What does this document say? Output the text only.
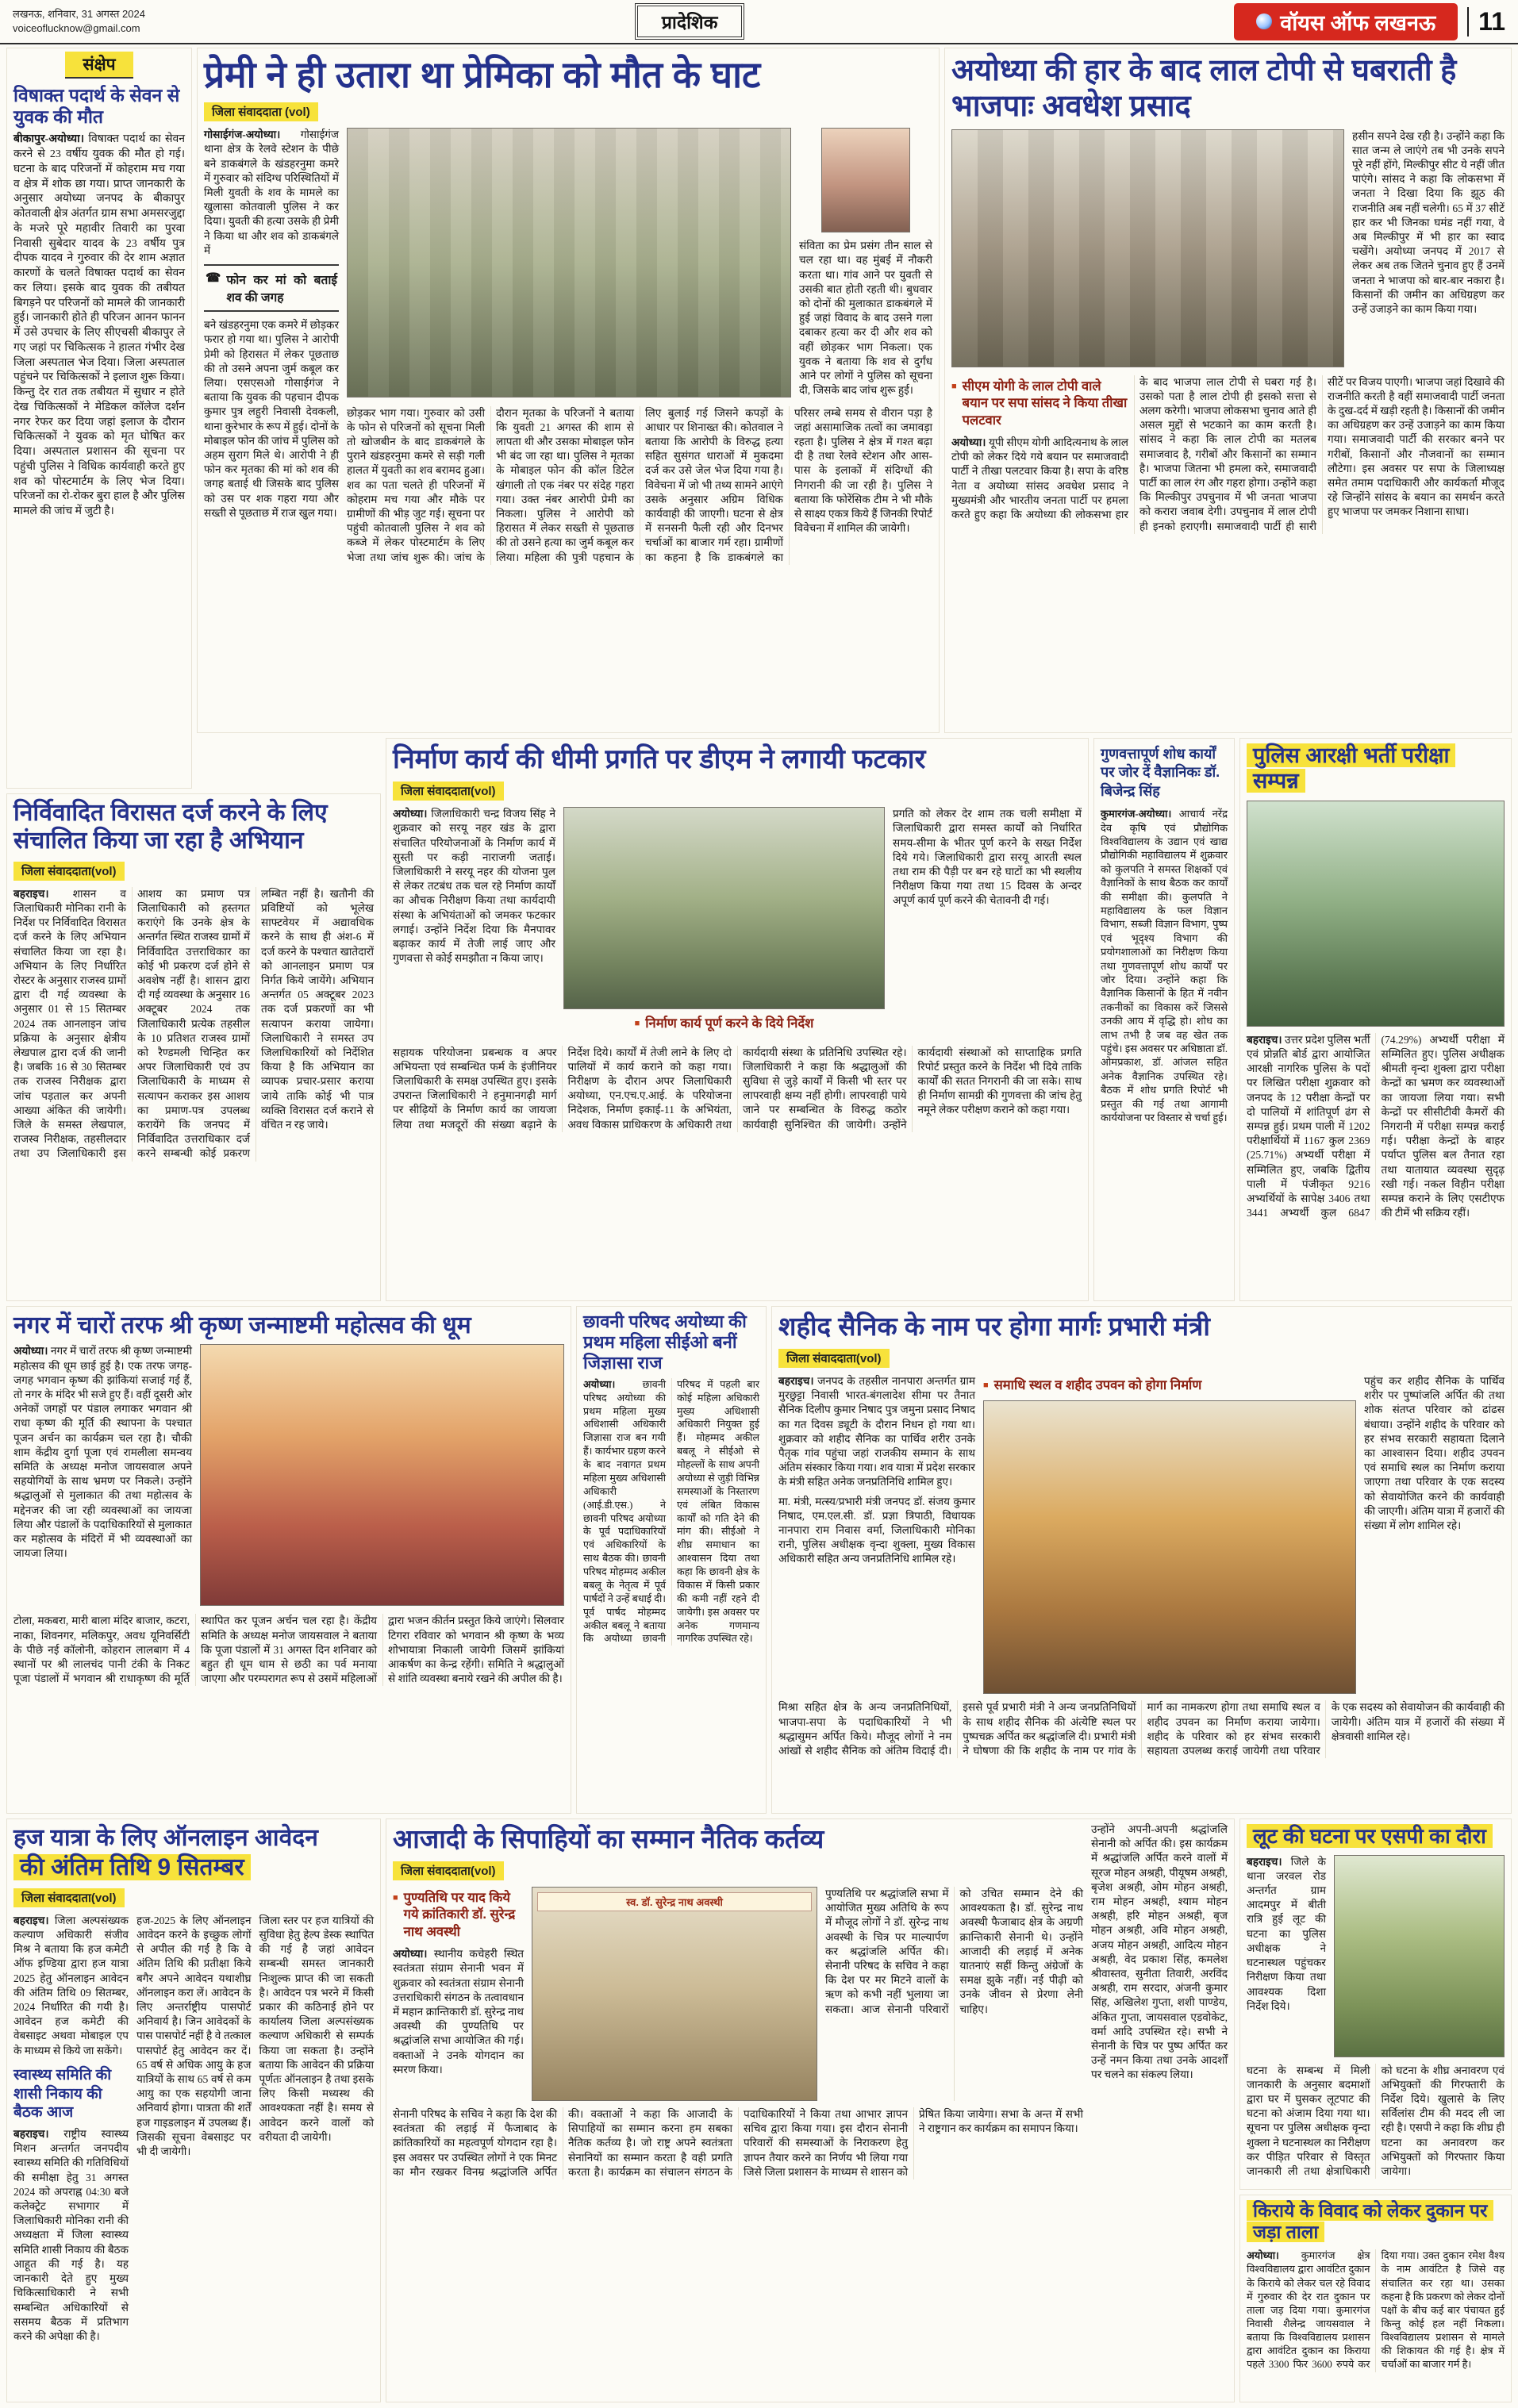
लखनऊ, शनिवार, 31 अगस्त 2024
voiceoflucknow@gmail.com	प्रादेशिक	वॉयस ऑफ लखनऊ	11
संक्षेप
विषाक्त पदार्थ के सेवन से युवक की मौत

बीकापुर-अयोध्या। विषाक्त पदार्थ का सेवन करने से 23 वर्षीय युवक की मौत हो गई। घटना के बाद परिजनों में कोहराम मच गया व क्षेत्र में शोक छा गया। प्राप्त जानकारी के अनुसार अयोध्या जनपद के बीकापुर कोतवाली क्षेत्र अंतर्गत ग्राम सभा अमसरजुद्दा के मजरे पूरे महावीर तिवारी का पुरवा निवासी सुबेदार यादव के 23 वर्षीय पुत्र दीपक यादव ने गुरुवार की देर शाम अज्ञात कारणों के चलते विषाक्त पदार्थ का सेवन कर लिया। इसके बाद युवक की तबीयत बिगड़ने पर परिजनों को मामले की जानकारी हुई। जानकारी होते ही परिजन आनन फानन में उसे उपचार के लिए सीएचसी बीकापुर ले गए जहां पर चिकित्सक ने हालत गंभीर देख जिला अस्पताल भेज दिया। जिला अस्पताल पहुंचने पर चिकित्सकों ने इलाज शुरू किया। किन्तु देर रात तक तबीयत में सुधार न होते देख चिकित्सकों ने मेडिकल कॉलेज दर्शन नगर रेफर कर दिया जहां इलाज के दौरान चिकित्सकों ने युवक को मृत घोषित कर दिया। अस्पताल प्रशासन की सूचना पर पहुंची पुलिस ने विधिक कार्यवाही करते हुए शव को पोस्टमार्टम के लिए भेज दिया। परिजनों का रो-रोकर बुरा हाल है और पुलिस मामले की जांच में जुटी है।

प्रेमी ने ही उतारा था प्रेमिका को मौत के घाट
जिला संवाददाता (vol)
गोसाईगंज-अयोध्या। गोसाईगंज थाना क्षेत्र के रेलवे स्टेशन के पीछे बने डाकबंगले के खंडहरनुमा कमरे में गुरुवार को संदिग्ध परिस्थितियों में मिली युवती के शव के मामले का खुलासा कोतवाली पुलिस ने कर दिया। युवती की हत्या उसके ही प्रेमी ने किया था और शव को डाकबंगले में
☎ फोन कर मां को बताई शव की जगह
बने खंडहरनुमा एक कमरे में छोड़कर फरार हो गया था। पुलिस ने आरोपी प्रेमी को हिरासत में लेकर पूछताछ की तो उसने अपना जुर्म कबूल कर लिया। एसएसओ गोसाईगंज ने बताया कि युवक की पहचान दीपक कुमार पुत्र लहुरी निवासी देवकली, थाना कुरेभार के रूप में हुई। दोनों के मोबाइल फोन की जांच में पुलिस को अहम सुराग मिले थे। आरोपी ने ही फोन कर मृतका की मां को शव की जगह बताई थी जिसके बाद पुलिस को उस पर शक गहरा गया और सख्ती से पूछताछ में राज खुल गया।
संविता का प्रेम प्रसंग तीन साल से चल रहा था। वह मुंबई में नौकरी करता था। गांव आने पर युवती से उसकी बात होती रहती थी। बुधवार को दोनों की मुलाकात डाकबंगले में हुई जहां विवाद के बाद उसने गला दबाकर हत्या कर दी और शव को वहीं छोड़कर भाग निकला। एक युवक ने बताया कि शव से दुर्गंध आने पर लोगों ने पुलिस को सूचना दी, जिसके बाद जांच शुरू हुई।
छोड़कर भाग गया। गुरुवार को उसी के फोन से परिजनों को सूचना मिली तो खोजबीन के बाद डाकबंगले के पुराने खंडहरनुमा कमरे से सड़ी गली हालत में युवती का शव बरामद हुआ। शव का पता चलते ही परिजनों में कोहराम मच गया और मौके पर ग्रामीणों की भीड़ जुट गई। सूचना पर पहुंची कोतवाली पुलिस ने शव को कब्जे में लेकर पोस्टमार्टम के लिए भेजा तथा जांच शुरू की। जांच के दौरान मृतका के परिजनों ने बताया कि युवती 21 अगस्त की शाम से लापता थी और उसका मोबाइल फोन भी बंद जा रहा था। पुलिस ने मृतका के मोबाइल फोन की कॉल डिटेल खंगाली तो एक नंबर पर संदेह गहरा गया। उक्त नंबर आरोपी प्रेमी का निकला। पुलिस ने आरोपी को हिरासत में लेकर सख्ती से पूछताछ की तो उसने हत्या का जुर्म कबूल कर लिया। महिला की पुत्री पहचान के लिए बुलाई गई जिसने कपड़ों के आधार पर शिनाख्त की। कोतवाल ने बताया कि आरोपी के विरुद्ध हत्या सहित सुसंगत धाराओं में मुकदमा दर्ज कर उसे जेल भेज दिया गया है। विवेचना में जो भी तथ्य सामने आएंगे उसके अनुसार अग्रिम विधिक कार्यवाही की जाएगी। घटना से क्षेत्र में सनसनी फैली रही और दिनभर चर्चाओं का बाजार गर्म रहा। ग्रामीणों का कहना है कि डाकबंगले का परिसर लम्बे समय से वीरान पड़ा है जहां असामाजिक तत्वों का जमावड़ा रहता है। पुलिस ने क्षेत्र में गश्त बढ़ा दी है तथा रेलवे स्टेशन और आस-पास के इलाकों में संदिग्धों की निगरानी की जा रही है। पुलिस ने बताया कि फोरेंसिक टीम ने भी मौके से साक्ष्य एकत्र किये हैं जिनकी रिपोर्ट विवेचना में शामिल की जायेगी।
अयोध्या की हार के बाद लाल टोपी से घबराती है भाजपाः अवधेश प्रसाद
हसीन सपने देख रही है। उन्होंने कहा कि सात जन्म ले जाएंगे तब भी उनके सपने पूरे नहीं होंगे, मिल्कीपुर सीट ये नहीं जीत पाएंगे। सांसद ने कहा कि लोकसभा में जनता ने दिखा दिया कि झूठ की राजनीति अब नहीं चलेगी। 65 में 37 सीटें हार कर भी जिनका घमंड नहीं गया, वे अब मिल्कीपुर में भी हार का स्वाद चखेंगे। अयोध्या जनपद में 2017 से लेकर अब तक जितने चुनाव हुए हैं उनमें जनता ने भाजपा को बार-बार नकारा है। किसानों की जमीन का अधिग्रहण कर उन्हें उजाड़ने का काम किया गया।
■ सीएम योगी के लाल टोपी वाले बयान पर सपा सांसद ने किया तीखा पलटवार

अयोध्या। यूपी सीएम योगी आदित्यनाथ के लाल टोपी को लेकर दिये गये बयान पर समाजवादी पार्टी ने तीखा पलटवार किया है। सपा के वरिष्ठ नेता व अयोध्या सांसद अवधेश प्रसाद ने मुख्यमंत्री और भारतीय जनता पार्टी पर हमला करते हुए कहा कि अयोध्या की लोकसभा हार के बाद भाजपा लाल टोपी से घबरा गई है। उसको पता है लाल टोपी ही इसको सत्ता से अलग करेगी। भाजपा लोकसभा चुनाव आते ही असल मुद्दों से भटकाने का काम करती है। सांसद ने कहा कि लाल टोपी का मतलब समाजवाद है, गरीबों और किसानों का सम्मान है। भाजपा जितना भी हमला करे, समाजवादी पार्टी का लाल रंग और गहरा होगा। उन्होंने कहा कि मिल्कीपुर उपचुनाव में भी जनता भाजपा को करारा जवाब देगी। उपचुनाव में लाल टोपी ही इनको हराएगी। समाजवादी पार्टी ही सारी सीटें पर विजय पाएगी। भाजपा जहां दिखावे की राजनीति करती है वहीं समाजवादी पार्टी जनता के दुख-दर्द में खड़ी रहती है। किसानों की जमीन का अधिग्रहण कर उन्हें उजाड़ने का काम किया गया। समाजवादी पार्टी की सरकार बनने पर गरीबों, किसानों और नौजवानों का सम्मान लौटेगा। इस अवसर पर सपा के जिलाध्यक्ष समेत तमाम पदाधिकारी और कार्यकर्ता मौजूद रहे जिन्होंने सांसद के बयान का समर्थन करते हुए भाजपा पर जमकर निशाना साधा।

निर्विवादित विरासत दर्ज करने के लिए संचालित किया जा रहा है अभियान
जिला संवाददाता(vol)

बहराइच। शासन व जिलाधिकारी मोनिका रानी के निर्देश पर निर्विवादित विरासत दर्ज करने के लिए अभियान संचालित किया जा रहा है। अभियान के लिए निर्धारित रोस्टर के अनुसार राजस्व ग्रामों द्वारा दी गई व्यवस्था के अनुसार 01 से 15 सितम्बर 2024 तक आनलाइन जांच प्रक्रिया के अनुसार क्षेत्रीय लेखपाल द्वारा दर्ज की जानी है। जबकि 16 से 30 सितम्बर तक राजस्व निरीक्षक द्वारा जांच पड़ताल कर अपनी आख्या अंकित की जायेगी। जिले के समस्त लेखपाल, राजस्व निरीक्षक, तहसीलदार तथा उप जिलाधिकारी इस आशय का प्रमाण पत्र जिलाधिकारी को हस्तगत कराएंगे कि उनके क्षेत्र के अन्तर्गत स्थित राजस्व ग्रामों में निर्विवादित उत्तराधिकार का कोई भी प्रकरण दर्ज होने से अवशेष नहीं है। शासन द्वारा दी गई व्यवस्था के अनुसार 16 अक्टूबर 2024 तक जिलाधिकारी प्रत्येक तहसील के 10 प्रतिशत राजस्व ग्रामों को रैण्डमली चिन्हित कर अपर जिलाधिकारी एवं उप जिलाधिकारी के माध्यम से सत्यापन कराकर इस आशय का प्रमाण-पत्र उपलब्ध करायेंगे कि जनपद में निर्विवादित उत्तराधिकार दर्ज करने सम्बन्धी कोई प्रकरण लम्बित नहीं है। खतौनी की प्रविष्टियों को भूलेख साफ्टवेयर में अद्यावधिक करने के साथ ही अंश-6 में दर्ज करने के पश्चात खातेदारों को आनलाइन प्रमाण पत्र निर्गत किये जायेंगे। अभियान अन्तर्गत 05 अक्टूबर 2023 तक दर्ज प्रकरणों का भी सत्यापन कराया जायेगा। जिलाधिकारी ने समस्त उप जिलाधिकारियों को निर्देशित किया है कि अभियान का व्यापक प्रचार-प्रसार कराया जाये ताकि कोई भी पात्र व्यक्ति विरासत दर्ज कराने से वंचित न रह जाये।

निर्माण कार्य की धीमी प्रगति पर डीएम ने लगायी फटकार
जिला संवाददाता(vol)
अयोध्या। जिलाधिकारी चन्द्र विजय सिंह ने शुक्रवार को सरयू नहर खंड के द्वारा संचालित परियोजनाओं के निर्माण कार्य में सुस्ती पर कड़ी नाराजगी जताई। जिलाधिकारी ने सरयू नहर की योजना पुल से लेकर तटबंध तक चल रहे निर्माण कार्यों का औचक निरीक्षण किया तथा कार्यदायी संस्था के अभियंताओं को जमकर फटकार लगाई। उन्होंने निर्देश दिया कि मैनपावर बढ़ाकर कार्य में तेजी लाई जाए और गुणवत्ता से कोई समझौता न किया जाए।
■ निर्माण कार्य पूर्ण करने के दिये निर्देश
प्रगति को लेकर देर शाम तक चली समीक्षा में जिलाधिकारी द्वारा समस्त कार्यों को निर्धारित समय-सीमा के भीतर पूर्ण करने के सख्त निर्देश दिये गये। जिलाधिकारी द्वारा सरयू आरती स्थल तथा राम की पैड़ी पर बन रहे घाटों का भी स्थलीय निरीक्षण किया गया तथा 15 दिवस के अन्दर अपूर्ण कार्य पूर्ण करने की चेतावनी दी गई।
सहायक परियोजना प्रबन्धक व अपर अभियन्ता एवं सम्बन्धित फर्म के इंजीनियर जिलाधिकारी के समक्ष उपस्थित हुए। इसके उपरान्त जिलाधिकारी ने हनुमानगढ़ी मार्ग पर सीढ़ियों के निर्माण कार्य का जायजा लिया तथा मजदूरों की संख्या बढ़ाने के निर्देश दिये। कार्यों में तेजी लाने के लिए दो पालियों में कार्य कराने को कहा गया। निरीक्षण के दौरान अपर जिलाधिकारी अयोध्या, एन.एच.ए.आई. के परियोजना निदेशक, निर्माण इकाई-11 के अभियंता, अवध विकास प्राधिकरण के अधिकारी तथा कार्यदायी संस्था के प्रतिनिधि उपस्थित रहे। जिलाधिकारी ने कहा कि श्रद्धालुओं की सुविधा से जुड़े कार्यों में किसी भी स्तर पर लापरवाही क्षम्य नहीं होगी। लापरवाही पाये जाने पर सम्बन्धित के विरुद्ध कठोर कार्यवाही सुनिश्चित की जायेगी। उन्होंने कार्यदायी संस्थाओं को साप्ताहिक प्रगति रिपोर्ट प्रस्तुत करने के निर्देश भी दिये ताकि कार्यों की सतत निगरानी की जा सके। साथ ही निर्माण सामग्री की गुणवत्ता की जांच हेतु नमूने लेकर परीक्षण कराने को कहा गया।
गुणवत्तापूर्ण शोध कार्यों पर जोर दें वैज्ञानिकः डॉ. बिजेन्द्र सिंह

कुमारगंज-अयोध्या। आचार्य नरेंद्र देव कृषि एवं प्रौद्योगिक विश्वविद्यालय के उद्यान एवं खाद्य प्रौद्योगिकी महाविद्यालय में शुक्रवार को कुलपति ने समस्त शिक्षकों एवं वैज्ञानिकों के साथ बैठक कर कार्यों की समीक्षा की। कुलपति ने महाविद्यालय के फल विज्ञान विभाग, सब्जी विज्ञान विभाग, पुष्प एवं भूदृश्य विभाग की प्रयोगशालाओं का निरीक्षण किया तथा गुणवत्तापूर्ण शोध कार्यों पर जोर दिया। उन्होंने कहा कि वैज्ञानिक किसानों के हित में नवीन तकनीकों का विकास करें जिससे उनकी आय में वृद्धि हो। शोध का लाभ तभी है जब वह खेत तक पहुंचे। इस अवसर पर अधिष्ठाता डॉ. ओमप्रकाश, डॉ. आंजल सहित अनेक वैज्ञानिक उपस्थित रहे। बैठक में शोध प्रगति रिपोर्ट भी प्रस्तुत की गई तथा आगामी कार्ययोजना पर विस्तार से चर्चा हुई।

पुलिस आरक्षी भर्ती परीक्षा सम्पन्न

बहराइच। उत्तर प्रदेश पुलिस भर्ती एवं प्रोन्नति बोर्ड द्वारा आयोजित आरक्षी नागरिक पुलिस के पदों पर लिखित परीक्षा शुक्रवार को जनपद के 12 परीक्षा केन्द्रों पर दो पालियों में शांतिपूर्ण ढंग से सम्पन्न हुई। प्रथम पाली में 1202 परीक्षार्थियों में 1167 कुल 2369 (25.71%) अभ्यर्थी परीक्षा में सम्मिलित हुए, जबकि द्वितीय पाली में पंजीकृत 9216 अभ्यर्थियों के सापेक्ष 3406 तथा 3441 अभ्यर्थी कुल 6847 (74.29%) अभ्यर्थी परीक्षा में सम्मिलित हुए। पुलिस अधीक्षक श्रीमती वृन्दा शुक्ला द्वारा परीक्षा केन्द्रों का भ्रमण कर व्यवस्थाओं का जायजा लिया गया। सभी केन्द्रों पर सीसीटीवी कैमरों की निगरानी में परीक्षा सम्पन्न कराई गई। परीक्षा केन्द्रों के बाहर पर्याप्त पुलिस बल तैनात रहा तथा यातायात व्यवस्था सुदृढ़ रखी गई। नकल विहीन परीक्षा सम्पन्न कराने के लिए एसटीएफ की टीमें भी सक्रिय रहीं।

नगर में चारों तरफ श्री कृष्ण जन्माष्टमी महोत्सव की धूम
अयोध्या। नगर में चारों तरफ श्री कृष्ण जन्माष्टमी महोत्सव की धूम छाई हुई है। एक तरफ जगह-जगह भगवान कृष्ण की झांकियां सजाई गई हैं, तो नगर के मंदिर भी सजे हुए हैं। वहीं दूसरी ओर अनेकों जगहों पर पंडाल लगाकर भगवान श्री राधा कृष्ण की मूर्ति की स्थापना के पश्चात पूजन अर्चन का कार्यक्रम चल रहा है। चौकी शाम केंद्रीय दुर्गा पूजा एवं रामलीला समन्वय समिति के अध्यक्ष मनोज जायसवाल अपने सहयोगियों के साथ भ्रमण पर निकले। उन्होंने श्रद्धालुओं से मुलाकात की तथा महोत्सव के मद्देनजर की जा रही व्यवस्थाओं का जायजा लिया और पंडालों के पदाधिकारियों से मुलाकात कर महोत्सव के मंदिरों में भी व्यवस्थाओं का जायजा लिया।
टोला, मकबरा, मारी बाला मंदिर बाजार, कटरा, नाका, शिवनगर, मलिकपुर, अवध यूनिवर्सिटी के पीछे नई कॉलोनी, कोहरान लालबाग में 4 स्थानों पर श्री लालचंद पानी टंकी के निकट पूजा पंडालों में भगवान श्री राधाकृष्ण की मूर्ति स्थापित कर पूजन अर्चन चल रहा है। केंद्रीय समिति के अध्यक्ष मनोज जायसवाल ने बताया कि पूजा पंडालों में 31 अगस्त दिन शनिवार को बहुत ही धूम धाम से छठी का पर्व मनाया जाएगा और परम्परागत रूप से उसमें महिलाओं द्वारा भजन कीर्तन प्रस्तुत किये जाएंगे। सिलवार टिगरा रविवार को भगवान श्री कृष्ण के भव्य शोभायात्रा निकाली जायेगी जिसमें झांकियां आकर्षण का केन्द्र रहेंगी। समिति ने श्रद्धालुओं से शांति व्यवस्था बनाये रखने की अपील की है।
छावनी परिषद अयोध्या की प्रथम महिला सीईओ बनीं जिज्ञासा राज

अयोध्या।	छावनी परिषद अयोध्या की प्रथम महिला मुख्य अधिशासी अधिकारी जिज्ञासा राज बन गयी हैं। कार्यभार ग्रहण करने के बाद नवागत प्रथम महिला मुख्य अधिशासी अधिकारी (आई.डी.एस.) ने छावनी परिषद अयोध्या के पूर्व पदाधिकारियों एवं अधिकारियों के साथ बैठक की। छावनी परिषद मोहम्मद अकील बबलू के नेतृत्व में पूर्व पार्षदों ने उन्हें बधाई दी। पूर्व पार्षद मोहम्मद अकील बबलू ने बताया कि अयोध्या छावनी परिषद में पहली बार कोई महिला अधिकारी मुख्य अधिशासी अधिकारी नियुक्त हुई हैं। मोहम्मद अकील बबलू ने सीईओ से मोहल्लों के साथ अपनी अयोध्या से जुड़ी विभिन्न समस्याओं के निस्तारण एवं लंबित विकास कार्यों को गति देने की मांग की। सीईओ ने शीघ्र समाधान का आश्वासन दिया तथा कहा कि छावनी क्षेत्र के विकास में किसी प्रकार की कमी नहीं रहने दी जायेगी। इस अवसर पर अनेक गणमान्य नागरिक उपस्थित रहे।

शहीद सैनिक के नाम पर होगा मार्गः प्रभारी मंत्री
जिला संवाददाता(vol)
बहराइच। जनपद के तहसील नानपारा अन्तर्गत ग्राम मुरछुट्टा निवासी भारत-बंगलादेश सीमा पर तैनात सैनिक दिलीप कुमार निषाद पुत्र जमुना प्रसाद निषाद का गत दिवस ड्यूटी के दौरान निधन हो गया था। शुक्रवार को शहीद सैनिक का पार्थिव शरीर उनके पैतृक गांव पहुंचा जहां राजकीय सम्मान के साथ अंतिम संस्कार किया गया। शव यात्रा में प्रदेश सरकार के मंत्री सहित अनेक जनप्रतिनिधि शामिल हुए।
मा. मंत्री, मत्स्य/प्रभारी मंत्री जनपद डॉ. संजय कुमार निषाद, एम.एल.सी. डॉ. प्रज्ञा त्रिपाठी, विधायक नानपारा राम निवास वर्मा, जिलाधिकारी मोनिका रानी, पुलिस अधीक्षक वृन्दा शुक्ला, मुख्य विकास अधिकारी सहित अन्य जनप्रतिनिधि शामिल रहे।
■ समाधि स्थल व शहीद उपवन को होगा निर्माण	पहुंच कर शहीद सैनिक के पार्थिव शरीर पर पुष्पांजलि अर्पित की तथा शोक संतप्त परिवार को ढांढस बंधाया। उन्होंने शहीद के परिवार को हर संभव सरकारी सहायता दिलाने का आश्वासन दिया। शहीद उपवन एवं समाधि स्थल का निर्माण कराया जाएगा तथा परिवार के एक सदस्य को सेवायोजित करने की कार्यवाही की जाएगी। अंतिम यात्रा में हजारों की संख्या में लोग शामिल रहे।
मिश्रा सहित क्षेत्र के अन्य जनप्रतिनिधियों, भाजपा-सपा के पदाधिकारियों ने भी श्रद्धासुमन अर्पित किये। मौजूद लोगों ने नम आंखों से शहीद सैनिक को अंतिम विदाई दी। इससे पूर्व प्रभारी मंत्री ने अन्य जनप्रतिनिधियों के साथ शहीद सैनिक की अंत्येष्टि स्थल पर पुष्पचक्र अर्पित कर श्रद्धांजलि दी। प्रभारी मंत्री ने घोषणा की कि शहीद के नाम पर गांव के मार्ग का नामकरण होगा तथा समाधि स्थल व शहीद उपवन का निर्माण कराया जायेगा। शहीद के परिवार को हर संभव सरकारी सहायता उपलब्ध कराई जायेगी तथा परिवार के एक सदस्य को सेवायोजन की कार्यवाही की जायेगी। अंतिम यात्र में हजारों की संख्या में क्षेत्रवासी शामिल रहे।
हज यात्रा के लिए ऑनलाइन आवेदन
की अंतिम तिथि 9 सितम्बर
जिला संवाददाता(vol)

बहराइच। जिला अल्पसंख्यक कल्याण अधिकारी संजीव मिश्र ने बताया कि हज कमेटी ऑफ इण्डिया द्वारा हज यात्रा 2025 हेतु ऑनलाइन आवेदन की अंतिम तिथि 09 सितम्बर, 2024 निर्धारित की गयी है। आवेदन हज कमेटी की वेबसाइट अथवा मोबाइल एप के माध्यम से किये जा सकेंगे।

स्वास्थ्य समिति की शासी निकाय की बैठक आज

बहराइच। राष्ट्रीय स्वास्थ्य मिशन अन्तर्गत जनपदीय स्वास्थ्य समिति की गतिविधियों की समीक्षा हेतु 31 अगस्त 2024 को अपराह्न 04:30 बजे कलेक्ट्रेट सभागार में जिलाधिकारी मोनिका रानी की अध्यक्षता में जिला स्वास्थ्य समिति शासी निकाय की बैठक आहूत की गई है। यह जानकारी देते हुए मुख्य चिकित्साधिकारी ने सभी सम्बन्धित अधिकारियों से ससमय बैठक में प्रतिभाग करने की अपेक्षा की है।

हज-2025 के लिए ऑनलाइन आवेदन करने के इच्छुक लोगों से अपील की गई है कि वे अंतिम तिथि की प्रतीक्षा किये बगैर अपने आवेदन यथाशीघ्र ऑनलाइन करा लें। आवेदन के लिए अन्तर्राष्ट्रीय पासपोर्ट अनिवार्य है। जिन आवेदकों के पास पासपोर्ट नहीं है वे तत्काल पासपोर्ट हेतु आवेदन कर दें। 65 वर्ष से अधिक आयु के हज यात्रियों के साथ 65 वर्ष से कम आयु का एक सहयोगी जाना अनिवार्य होगा। पात्रता की शर्तें हज गाइडलाइन में उपलब्ध हैं। जिसकी सूचना वेबसाइट पर भी दी जायेगी।
जिला स्तर पर हज यात्रियों की सुविधा हेतु हेल्प डेस्क स्थापित की गई है जहां आवेदन सम्बन्धी समस्त जानकारी निःशुल्क प्राप्त की जा सकती है। आवेदन पत्र भरने में किसी प्रकार की कठिनाई होने पर कार्यालय जिला अल्पसंख्यक कल्याण अधिकारी से सम्पर्क किया जा सकता है। उन्होंने बताया कि आवेदन की प्रक्रिया पूर्णतः ऑनलाइन है तथा इसके लिए किसी मध्यस्थ की आवश्यकता नहीं है। समय से आवेदन करने वालों को वरीयता दी जायेगी।
आजादी के सिपाहियों का सम्मान नैतिक कर्तव्य
जिला संवाददाता(vol)
■ पुण्यतिथि पर याद किये गये क्रांतिकारी डॉ. सुरेन्द्र नाथ अवस्थी

अयोध्या। स्थानीय कचेहरी स्थित स्वतंत्रता संग्राम सेनानी भवन में शुक्रवार को स्वतंत्रता संग्राम सेनानी उत्तराधिकारी संगठन के तत्वावधान में महान क्रान्तिकारी डॉ. सुरेन्द्र नाथ अवस्थी की पुण्यतिथि पर श्रद्धांजलि सभा आयोजित की गई। वक्ताओं ने उनके योगदान का स्मरण किया।

स्व. डॉ. सुरेन्द्र नाथ अवस्थी
पुण्यतिथि पर श्रद्धांजलि सभा में आयोजित मुख्य अतिथि के रूप में मौजूद लोगों ने डॉ. सुरेन्द्र नाथ अवस्थी के चित्र पर माल्यार्पण कर श्रद्धांजलि अर्पित की। सेनानी परिषद के सचिव ने कहा कि देश पर मर मिटने वालों के ऋण को कभी नहीं भुलाया जा सकता। आज सेनानी परिवारों को उचित सम्मान देने की आवश्यकता है। डॉ. सुरेन्द्र नाथ अवस्थी फैजाबाद क्षेत्र के अग्रणी क्रान्तिकारी सेनानी थे। उन्होंने आजादी की लड़ाई में अनेक यातनाएं सहीं किन्तु अंग्रेजों के समक्ष झुके नहीं। नई पीढ़ी को उनके जीवन से प्रेरणा लेनी चाहिए।
सेनानी परिषद के सचिव ने कहा कि देश की स्वतंत्रता की लड़ाई में फैजाबाद के क्रांतिकारियों का महत्वपूर्ण योगदान रहा है। इस अवसर पर उपस्थित लोगों ने एक मिनट का मौन रखकर विनम्र श्रद्धांजलि अर्पित की। वक्ताओं ने कहा कि आजादी के सिपाहियों का सम्मान करना हम सबका नैतिक कर्तव्य है। जो राष्ट्र अपने स्वतंत्रता सेनानियों का सम्मान करता है वही प्रगति करता है। कार्यक्रम का संचालन संगठन के पदाधिकारियों ने किया तथा आभार ज्ञापन सचिव द्वारा किया गया। इस दौरान सेनानी परिवारों की समस्याओं के निराकरण हेतु ज्ञापन तैयार करने का निर्णय भी लिया गया जिसे जिला प्रशासन के माध्यम से शासन को प्रेषित किया जायेगा। सभा के अन्त में सभी ने राष्ट्रगान कर कार्यक्रम का समापन किया।
उन्होंने अपनी-अपनी श्रद्धांजलि सेनानी को अर्पित की। इस कार्यक्रम में श्रद्धांजलि अर्पित करने वालों में सूरज मोहन अश्रही, पीयूषम अश्रही, बृजेश अश्रही, ओम मोहन अश्रही, राम मोहन अश्रही, श्याम मोहन अश्रही, हरि मोहन अश्रही, बृज मोहन अश्रही, अवि मोहन अश्रही, अजय मोहन अश्रही, आदित्य मोहन अश्रही, वेद प्रकाश सिंह, कमलेश श्रीवास्तव, सुनीता तिवारी, अरविंद अश्रही, राम सरदार, अंजनी कुमार सिंह, अखिलेश गुप्ता, शशी पाण्डेय, अंकित गुप्ता, जायसवाल एडवोकेट, वर्मा आदि उपस्थित रहे। सभी ने सेनानी के चित्र पर पुष्प अर्पित कर उन्हें नमन किया तथा उनके आदर्शों पर चलने का संकल्प लिया।
लूट की घटना पर एसपी का दौरा
बहराइच। जिले के थाना जरवल रोड अन्तर्गत ग्राम आदमपुर में बीती रात्रि हुई लूट की घटना का पुलिस अधीक्षक ने घटनास्थल पहुंचकर निरीक्षण किया तथा आवश्यक दिशा निर्देश दिये।
घटना के सम्बन्ध में मिली जानकारी के अनुसार बदमाशों द्वारा घर में घुसकर लूटपाट की घटना को अंजाम दिया गया था। सूचना पर पुलिस अधीक्षक वृन्दा शुक्ला ने घटनास्थल का निरीक्षण कर पीड़ित परिवार से विस्तृत जानकारी ली तथा क्षेत्राधिकारी को घटना के शीघ्र अनावरण एवं अभियुक्तों की गिरफ्तारी के निर्देश दिये। खुलासे के लिए सर्विलांस टीम की मदद ली जा रही है। एसपी ने कहा कि शीघ्र ही घटना का अनावरण कर अभियुक्तों को गिरफ्तार किया जायेगा।
किराये के विवाद को लेकर दुकान पर जड़ा ताला

अयोध्या। कुमारगंज क्षेत्र विश्वविद्यालय द्वारा आवंटित दुकान के किराये को लेकर चल रहे विवाद में गुरुवार की देर रात दुकान पर ताला जड़ दिया गया। कुमारगंज निवासी शैलेन्द्र जायसवाल ने बताया कि विश्वविद्यालय प्रशासन द्वारा आवंटित दुकान का किराया पहले 3300 फिर 3600 रुपये कर दिया गया। उक्त दुकान रमेश वैश्य के नाम आवंटित है जिसे वह संचालित कर रहा था। उसका कहना है कि प्रकरण को लेकर दोनों पक्षों के बीच कई बार पंचायत हुई किन्तु कोई हल नहीं निकला। विश्वविद्यालय प्रशासन से मामले की शिकायत की गई है। क्षेत्र में चर्चाओं का बाजार गर्म है।
